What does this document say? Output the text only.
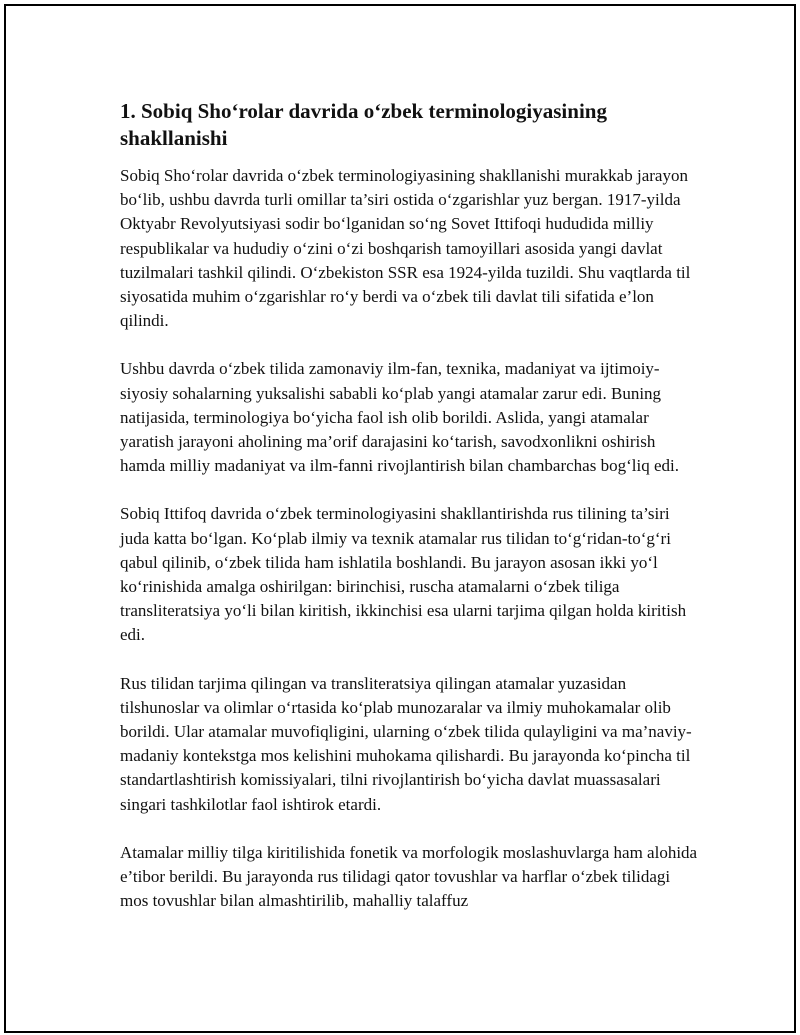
1. Sobiq Sho‘rolar davrida o‘zbek terminologiyasining shakllanishi

Sobiq Sho‘rolar davrida o‘zbek terminologiyasining shakllanishi murakkab jarayon bo‘lib, ushbu davrda turli omillar ta’siri ostida o‘zgarishlar yuz bergan. 1917-yilda Oktyabr Revolyutsiyasi sodir bo‘lganidan so‘ng Sovet Ittifoqi hududida milliy respublikalar va hududiy o‘zini o‘zi boshqarish tamoyillari asosida yangi davlat tuzilmalari tashkil qilindi. O‘zbekiston SSR esa 1924-yilda tuzildi. Shu vaqtlarda til siyosatida muhim o‘zgarishlar ro‘y berdi va o‘zbek tili davlat tili sifatida e’lon qilindi.

Ushbu davrda o‘zbek tilida zamonaviy ilm-fan, texnika, madaniyat va ijtimoiy-siyosiy sohalarning yuksalishi sababli ko‘plab yangi atamalar zarur edi. Buning natijasida, terminologiya bo‘yicha faol ish olib borildi. Aslida, yangi atamalar yaratish jarayoni aholining ma’orif darajasini ko‘tarish, savodxonlikni oshirish hamda milliy madaniyat va ilm-fanni rivojlantirish bilan chambarchas bog‘liq edi.

Sobiq Ittifoq davrida o‘zbek terminologiyasini shakllantirishda rus tilining ta’siri juda katta bo‘lgan. Ko‘plab ilmiy va texnik atamalar rus tilidan to‘g‘ridan-to‘g‘ri qabul qilinib, o‘zbek tilida ham ishlatila boshlandi. Bu jarayon asosan ikki yo‘l ko‘rinishida amalga oshirilgan: birinchisi, ruscha atamalarni o‘zbek tiliga transliteratsiya yo‘li bilan kiritish, ikkinchisi esa ularni tarjima qilgan holda kiritish edi.

Rus tilidan tarjima qilingan va transliteratsiya qilingan atamalar yuzasidan tilshunoslar va olimlar o‘rtasida ko‘plab munozaralar va ilmiy muhokamalar olib borildi. Ular atamalar muvofiqligini, ularning o‘zbek tilida qulayligini va ma’naviy-madaniy kontekstga mos kelishini muhokama qilishardi. Bu jarayonda ko‘pincha til standartlashtirish komissiyalari, tilni rivojlantirish bo‘yicha davlat muassasalari singari tashkilotlar faol ishtirok etardi.

Atamalar milliy tilga kiritilishida fonetik va morfologik moslashuvlarga ham alohida e’tibor berildi. Bu jarayonda rus tilidagi qator tovushlar va harflar o‘zbek tilidagi mos tovushlar bilan almashtirilib, mahalliy talaffuz
